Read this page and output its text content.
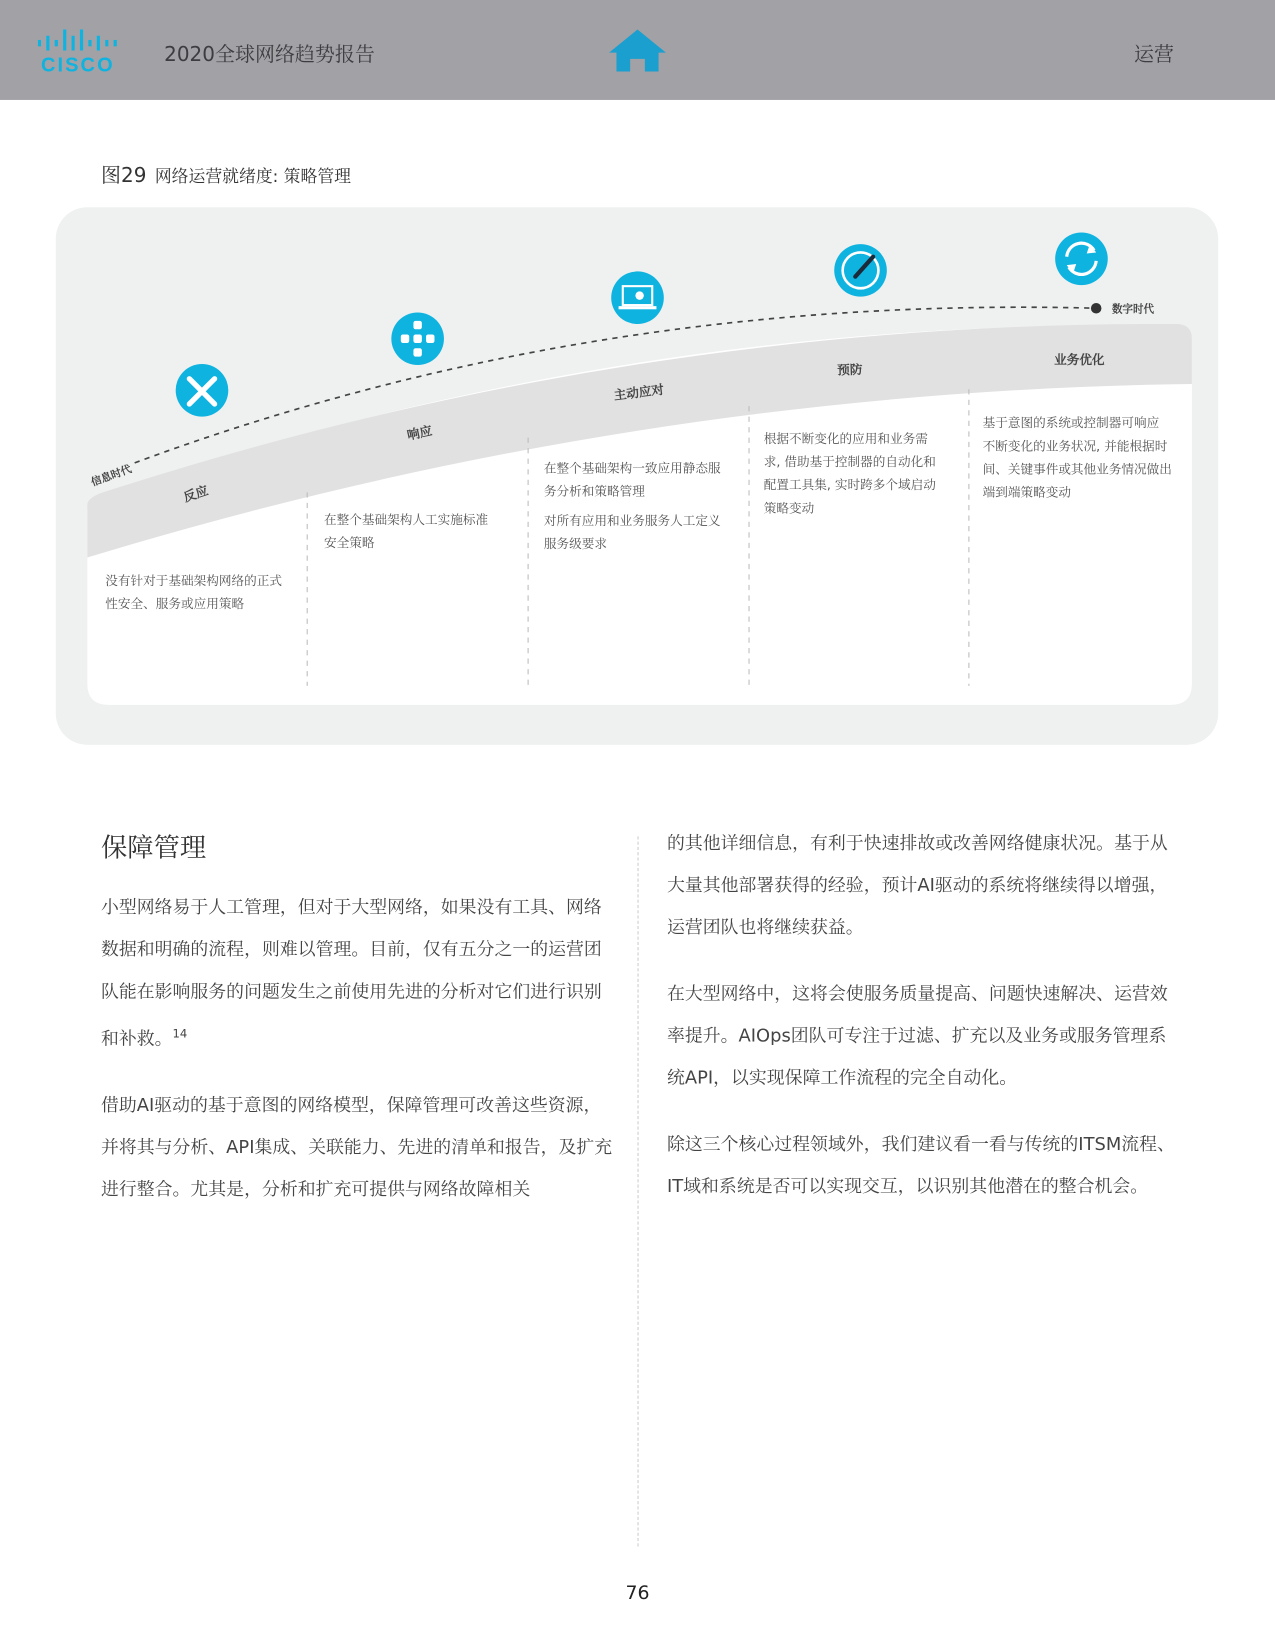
CISCO	2020全球网络趋势报告	运营
图29 网络运营就绪度: 策略管理
信息时代
数字时代
反应
响应
主动应对
预防
业务优化
没有针对于基础架构网络的正式
性安全、服务或应用策略
在整个基础架构人工实施标准
安全策略
在整个基础架构一致应用静态服
务分析和策略管理
对所有应用和业务服务人工定义
服务级要求
根据不断变化的应用和业务需
求, 借助基于控制器的自动化和
配置工具集, 实时跨多个域启动
策略变动
基于意图的系统或控制器可响应
不断变化的业务状况, 并能根据时
间、关键事件或其他业务情况做出
端到端策略变动
保障管理

小型网络易于人工管理，但对于大型网络，如果没有工具、网络数据和明确的流程，则难以管理。目前，仅有五分之一的运营团队能在影响服务的问题发生之前使用先进的分析对它们进行识别和补救。$^{14}$

借助AI驱动的基于意图的网络模型，保障管理可改善这些资源，并将其与分析、API集成、关联能力、先进的清单和报告，及扩充进行整合。尤其是，分析和扩充可提供与网络故障相关

的其他详细信息，有利于快速排故或改善网络健康状况。基于从大量其他部署获得的经验，预计AI驱动的系统将继续得以增强，运营团队也将继续获益。

在大型网络中，这将会使服务质量提高、问题快速解决、运营效率提升。AIOps团队可专注于过滤、扩充以及业务或服务管理系统API，以实现保障工作流程的完全自动化。

除这三个核心过程领域外，我们建议看一看与传统的ITSM流程、IT域和系统是否可以实现交互，以识别其他潜在的整合机会。

76
